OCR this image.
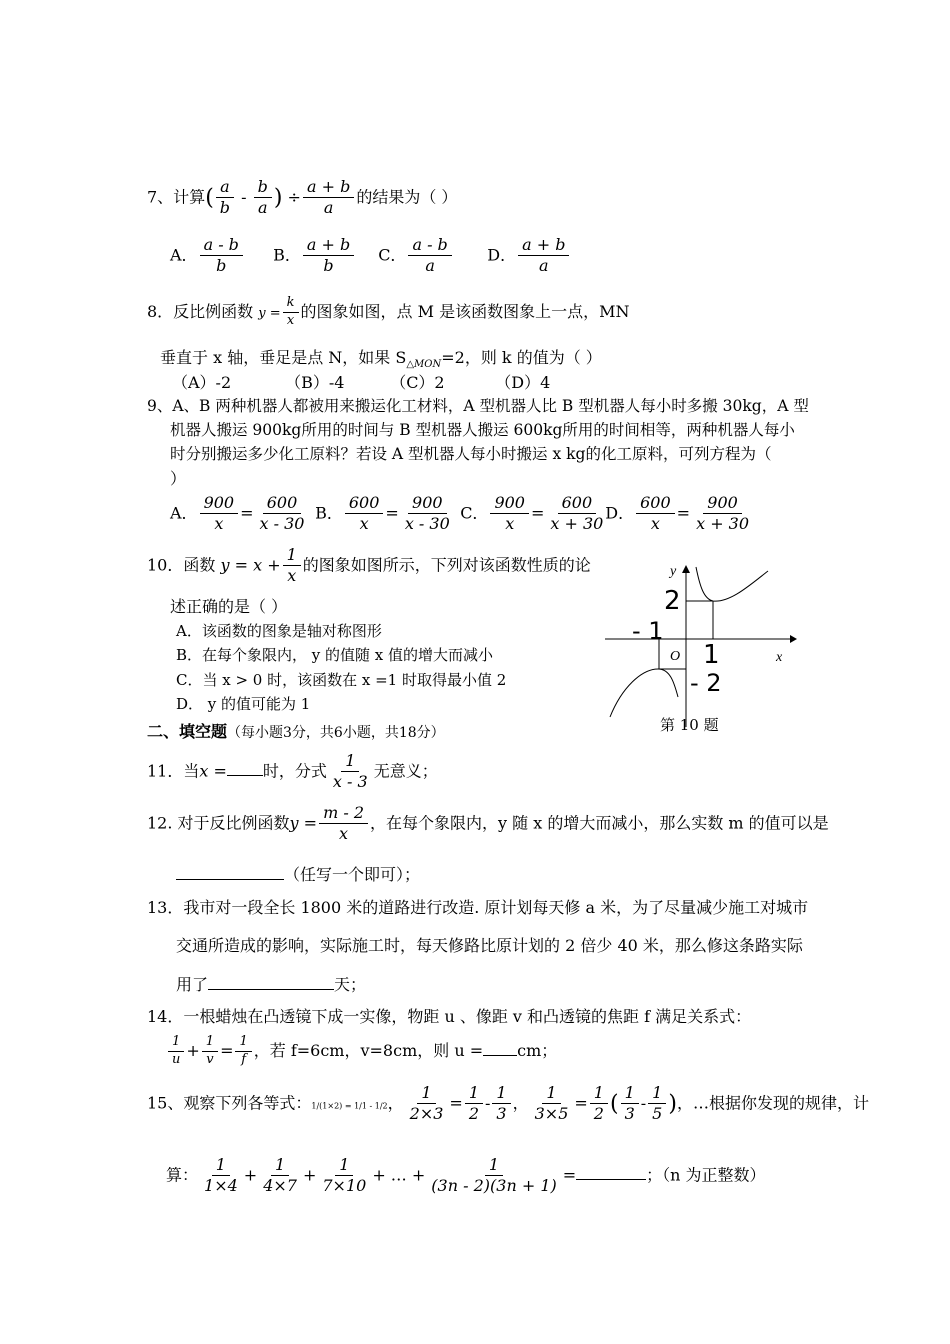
7、计算( $\frac{a}{b} - \frac{b}{a}$ ) ÷ $\frac{a + b}{a}$ 的结果为（ ）
A． $\frac{a - b}{b}$ B． $\frac{a + b}{b}$ C． $\frac{a - b}{a}$ D． $\frac{a + b}{a}$
8．反比例函数 $y = \frac{k}{x}$ 的图象如图，点 M 是该函数图象上一点，MN
垂直于 x 轴，垂足是点 N，如果 $S_{\triangle MON}=2$，则 k 的值为（ ）
（A）-2	（B）-4	（C）2	（D）4
9、A、B 两种机器人都被用来搬运化工材料，A 型机器人比 B 型机器人每小时多搬 30kg，A 型
机器人搬运 900kg所用的时间与 B 型机器人搬运 600kg所用的时间相等，两种机器人每小
时分别搬运多少化工原料？若设 A 型机器人每小时搬运 x kg的化工原料，可列方程为（
）
A． $\frac{900}{x} = \frac{600}{x - 30}$ B． $\frac{600}{x} = \frac{900}{x - 30}$ C． $\frac{900}{x} = \frac{600}{x + 30}$
D． $\frac{600}{x} = \frac{900}{x + 30}$
10．函数 $y = x + \frac{1}{x}$ 的图象如图所示，下列对该函数性质的论
述正确的是（ ）
A．该函数的图象是轴对称图形
B．在每个象限内， y 的值随 x 值的增大而减小
C．当 x > 0 时，该函数在 x =1 时取得最小值 2
D． y 的值可能为 1
y
x
O
2
- 1
1
- 2
第 10 题
二、填空题（每小题3分，共6小题，共18分）
11．当x = 时，分式 $\frac{1}{x - 3}$ 无意义；
12. 对于反比例函数$y = \frac{m - 2}{x}$ ，在每个象限内，y 随 x 的增大而减小，那么实数 m 的值可以是
（任写一个即可）；
13．我市对一段全长 1800 米的道路进行改造. 原计划每天修 a 米，为了尽量减少施工对城市
交通所造成的影响，实际施工时，每天修路比原计划的 2 倍少 40 米，那么修这条路实际
用了	天；
14．一根蜡烛在凸透镜下成一实像，物距 u 、像距 v 和凸透镜的焦距 f 满足关系式：
$\frac{1}{u} + \frac{1}{v} = \frac{1}{f}$ ，若 f=6cm，v=8cm，则 u = cm；
15、观察下列各等式：1/(1×2) = 1/1 - 1/2， $\frac{1}{2\times 3} = \frac{1}{2} - \frac{1}{3}$ ， $\frac{1}{3\times 5} = \frac{1}{2}$ ( $\frac{1}{3} - \frac{1}{5}$ )，…根据你发现的规律，计
算： $\frac{1}{1\times 4} + \frac{1}{4\times 7} + \frac{1}{7\times 10}$ + … + $\frac{1}{(3n - 2)(3n + 1)}$ =	；（n 为正整数）
